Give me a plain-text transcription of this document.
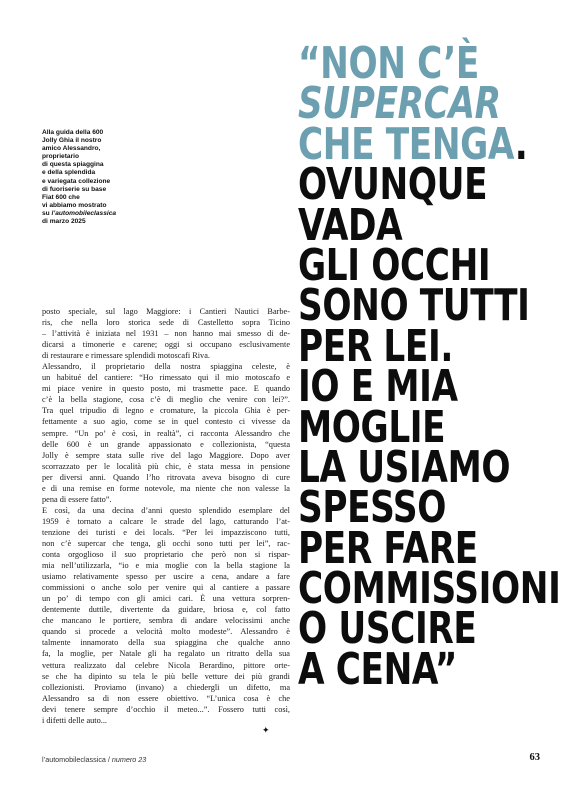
Alla guida della 600
Jolly Ghia il nostro
amico Alessandro,
proprietario
di questa spiaggina
e della splendida
e variegata collezione
di fuoriserie su base
Fiat 600 che
vi abbiamo mostrato
su l’automobileclassica
di marzo 2025
posto speciale, sul lago Maggiore: i Cantieri Nautici Barbe-
ris, che nella loro storica sede di Castelletto sopra Ticino
– l’attività è iniziata nel 1931 – non hanno mai smesso di de-
dicarsi a timonerie e carene; oggi si occupano esclusivamente
di restaurare e rimessare splendidi motoscafi Riva.
Alessandro, il proprietario della nostra spiaggina celeste, è
un habitué del cantiere: “Ho rimessato qui il mio motoscafo e
mi piace venire in questo posto, mi trasmette pace. E quando
c’è la bella stagione, cosa c’è di meglio che venire con lei?”.
Tra quel tripudio di legno e cromature, la piccola Ghia è per-
fettamente a suo agio, come se in quel contesto ci vivesse da
sempre. “Un po’ è così, in realtà”, ci racconta Alessandro che
delle 600 è un grande appassionato e collezionista, “questa
Jolly è sempre stata sulle rive del lago Maggiore. Dopo aver
scorrazzato per le località più chic, è stata messa in pensione
per diversi anni. Quando l’ho ritrovata aveva bisogno di cure
e di una remise en forme notevole, ma niente che non valesse la
pena di essere fatto”.
E così, da una decina d’anni questo splendido esemplare del
1959 è tornato a calcare le strade del lago, catturando l’at-
tenzione dei turisti e dei locals. “Per lei impazziscono tutti,
non c’è supercar che tenga, gli occhi sono tutti per lei”, rac-
conta orgoglioso il suo proprietario che però non si rispar-
mia nell’utilizzarla, “io e mia moglie con la bella stagione la
usiamo relativamente spesso per uscire a cena, andare a fare
commissioni o anche solo per venire qui al cantiere a passare
un po’ di tempo con gli amici cari. È una vettura sorpren-
dentemente duttile, divertente da guidare, briosa e, col fatto
che mancano le portiere, sembra di andare velocissimi anche
quando si procede a velocità molto modeste”. Alessandro è
talmente innamorato della sua spiaggina che qualche anno
fa, la moglie, per Natale gli ha regalato un ritratto della sua
vettura realizzato dal celebre Nicola Berardino, pittore orte-
se che ha dipinto su tela le più belle vetture dei più grandi
collezionisti. Proviamo (invano) a chiedergli un difetto, ma
Alessandro sa di non essere obiettivo. “L’unica cosa è che
devi tenere sempre d’occhio il meteo...”. Fossero tutti così,
i difetti delle auto...
✦
“NON C’È
SUPERCAR
CHE TENGA.
OVUNQUE
VADA
GLI OCCHI
SONO TUTTI
PER LEI.
IO E MIA
MOGLIE
LA USIAMO
SPESSO
PER FARE
COMMISSIONI
O USCIRE
A CENA”
l’automobileclassica / numero 23	63
